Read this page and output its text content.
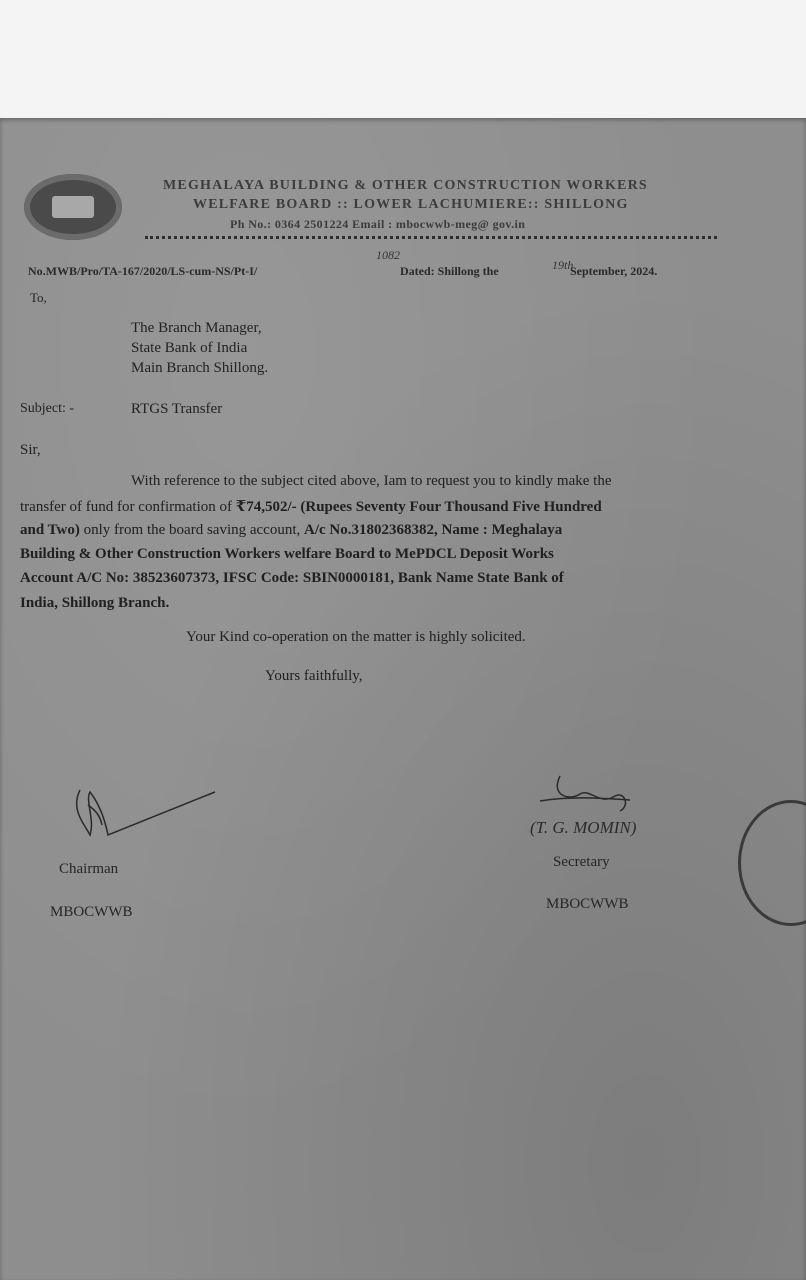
MEGHALAYA BUILDING & OTHER CONSTRUCTION WORKERS
WELFARE BOARD :: LOWER LACHUMIERE:: SHILLONG
Ph No.: 0364 2501224 Email : mbocwwb-meg@ gov.in
No.MWB/Pro/TA-167/2020/LS-cum-NS/Pt-I/
1082
Dated: Shillong the	19th
September, 2024.
To,
The Branch Manager,
State Bank of India
Main Branch Shillong.
Subject: -	RTGS Transfer
Sir,
With reference to the subject cited above, Iam to request you to kindly make the
transfer of fund for confirmation of ₹74,502/- (Rupees Seventy Four Thousand Five Hundred
and Two) only from the board saving account, A/c No.31802368382, Name : Meghalaya
Building & Other Construction Workers welfare Board to MePDCL Deposit Works
Account A/C No: 38523607373, IFSC Code: SBIN0000181, Bank Name State Bank of
India, Shillong Branch.
Your Kind co-operation on the matter is highly solicited.
Yours faithfully,
Chairman
MBOCWWB
(T. G. MOMIN)
Secretary
MBOCWWB
